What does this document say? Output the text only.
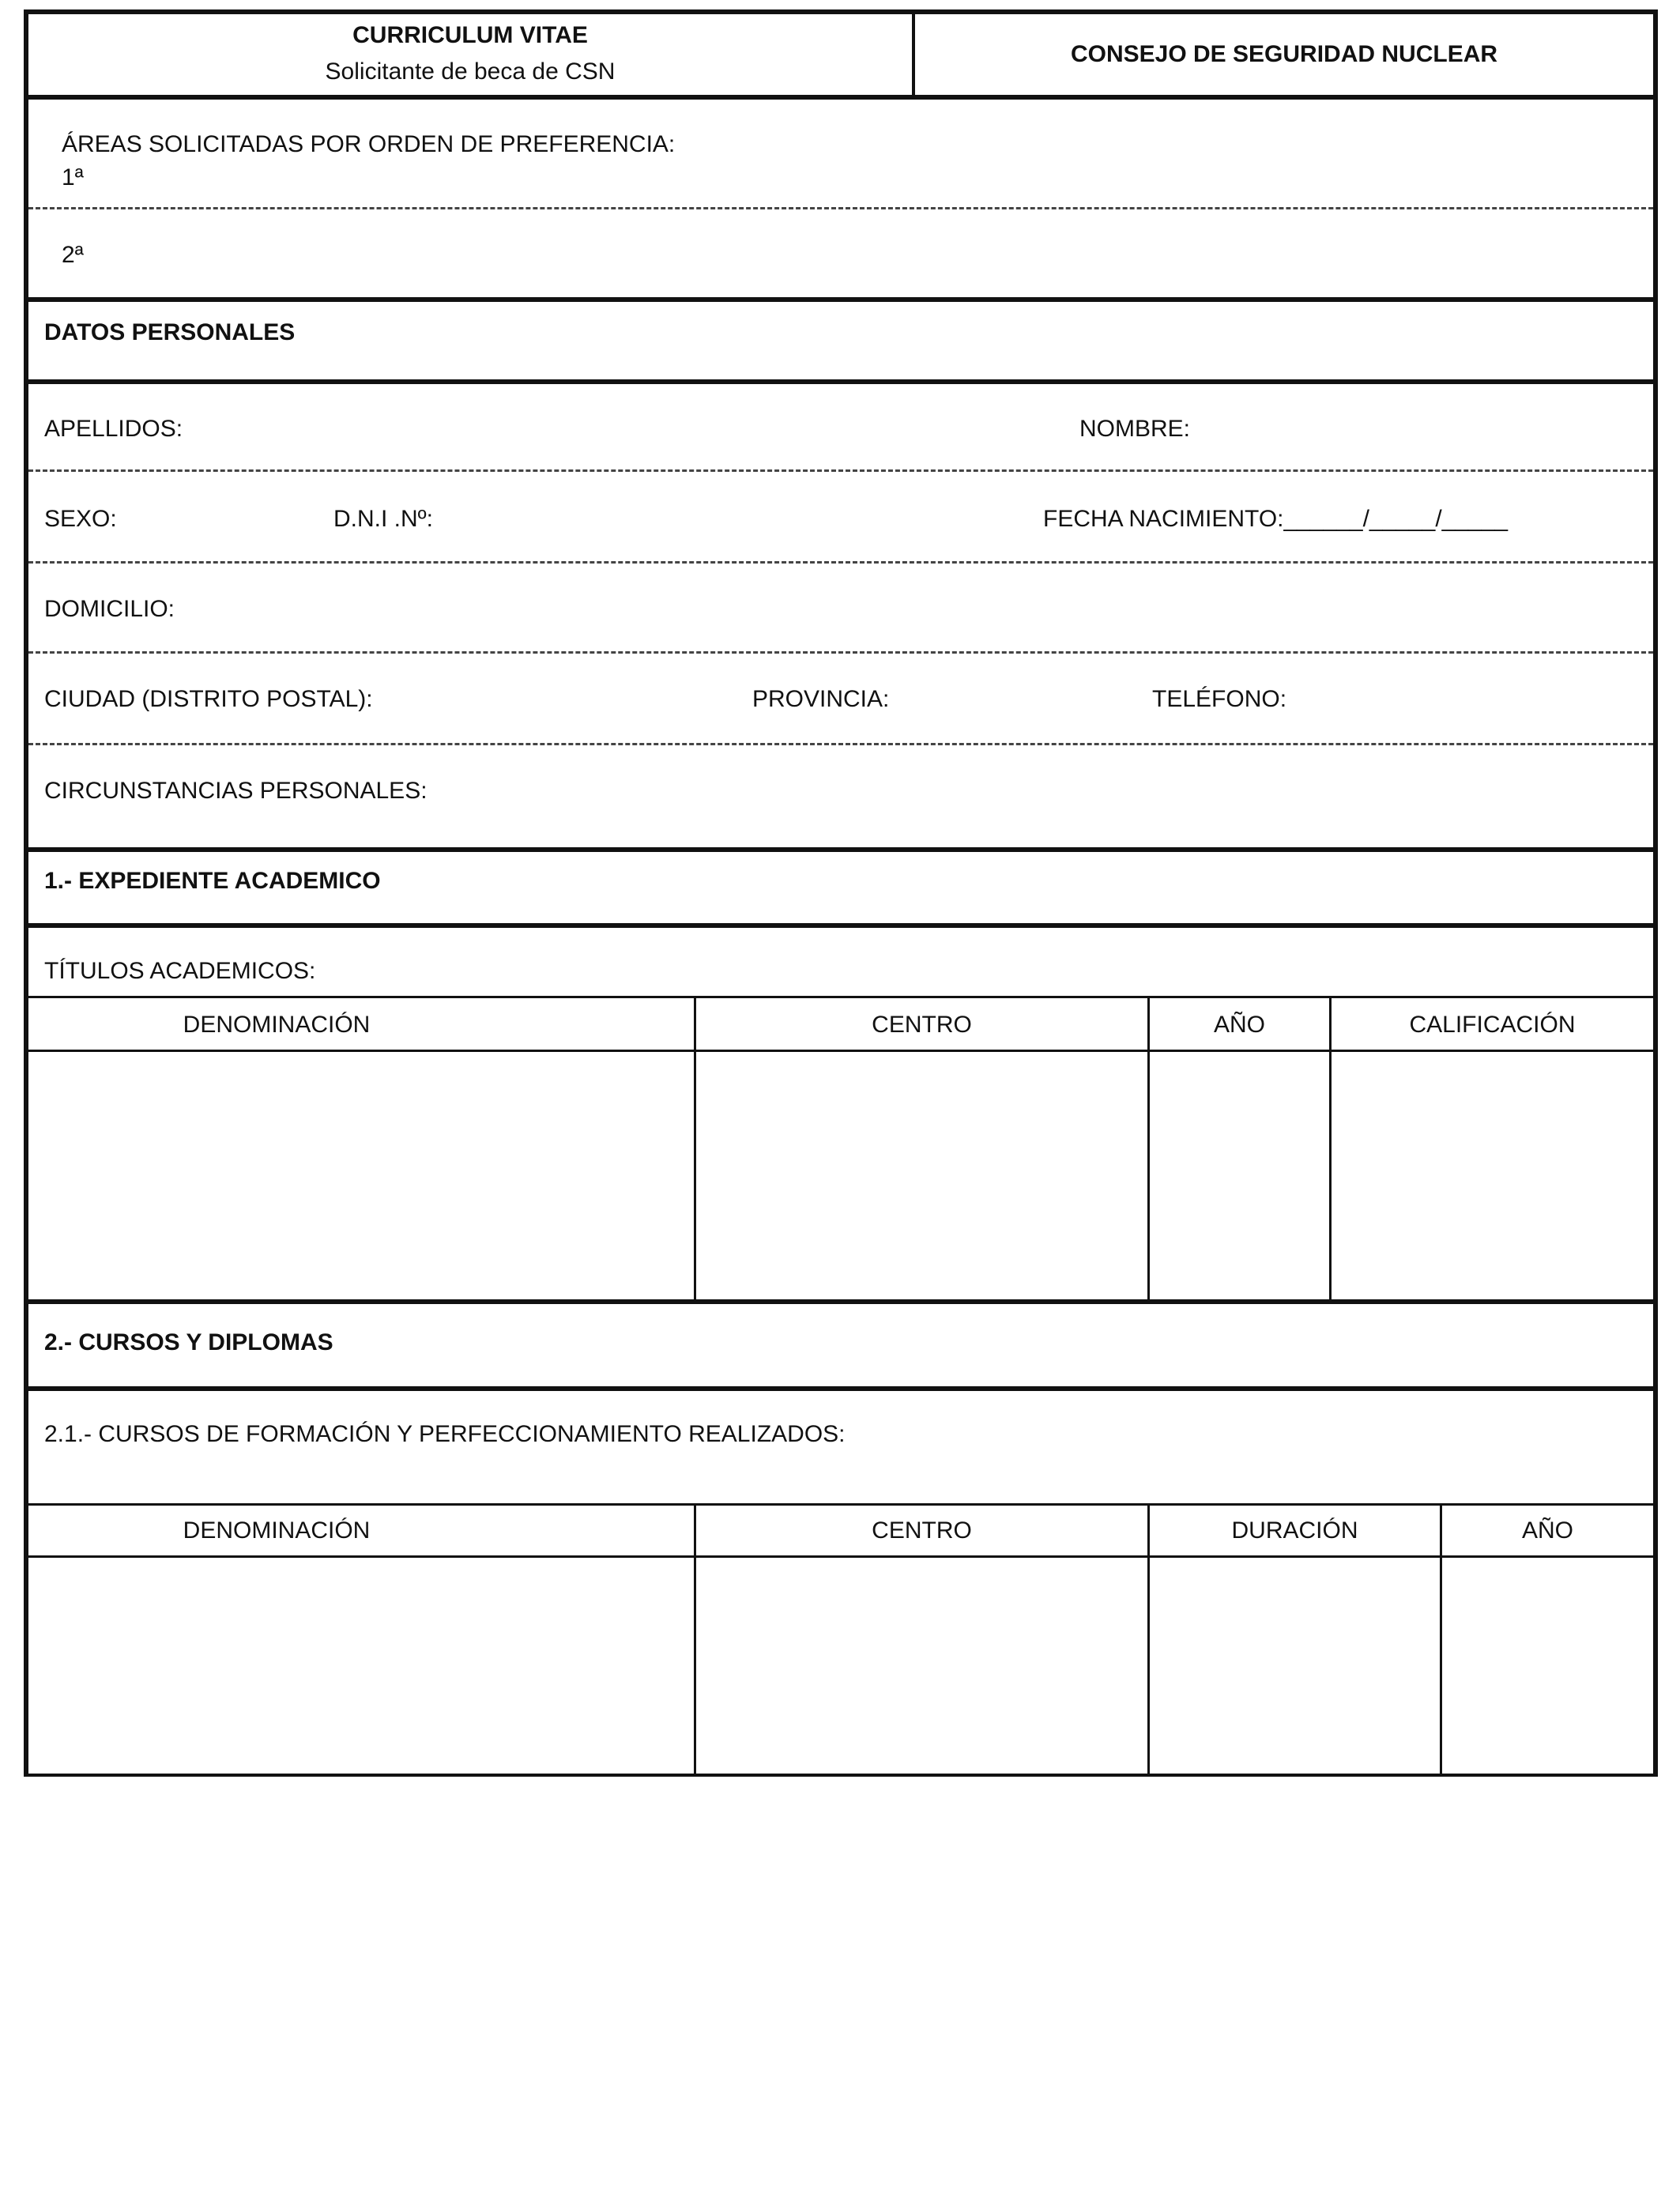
CURRICULUM VITAE
Solicitante de beca de CSN
CONSEJO DE SEGURIDAD NUCLEAR
ÁREAS SOLICITADAS POR ORDEN DE PREFERENCIA:
1ª
2ª
DATOS PERSONALES
APELLIDOS:	NOMBRE:
SEXO:	D.N.I .Nº:	FECHA NACIMIENTO:______/_____/_____
DOMICILIO:
CIUDAD (DISTRITO POSTAL):	PROVINCIA:	TELÉFONO:
CIRCUNSTANCIAS PERSONALES:
1.- EXPEDIENTE ACADEMICO
TÍTULOS ACADEMICOS:
DENOMINACIÓN	CENTRO	AÑO	CALIFICACIÓN
2.- CURSOS Y DIPLOMAS
2.1.- CURSOS DE FORMACIÓN Y PERFECCIONAMIENTO REALIZADOS:
DENOMINACIÓN	CENTRO	DURACIÓN	AÑO
